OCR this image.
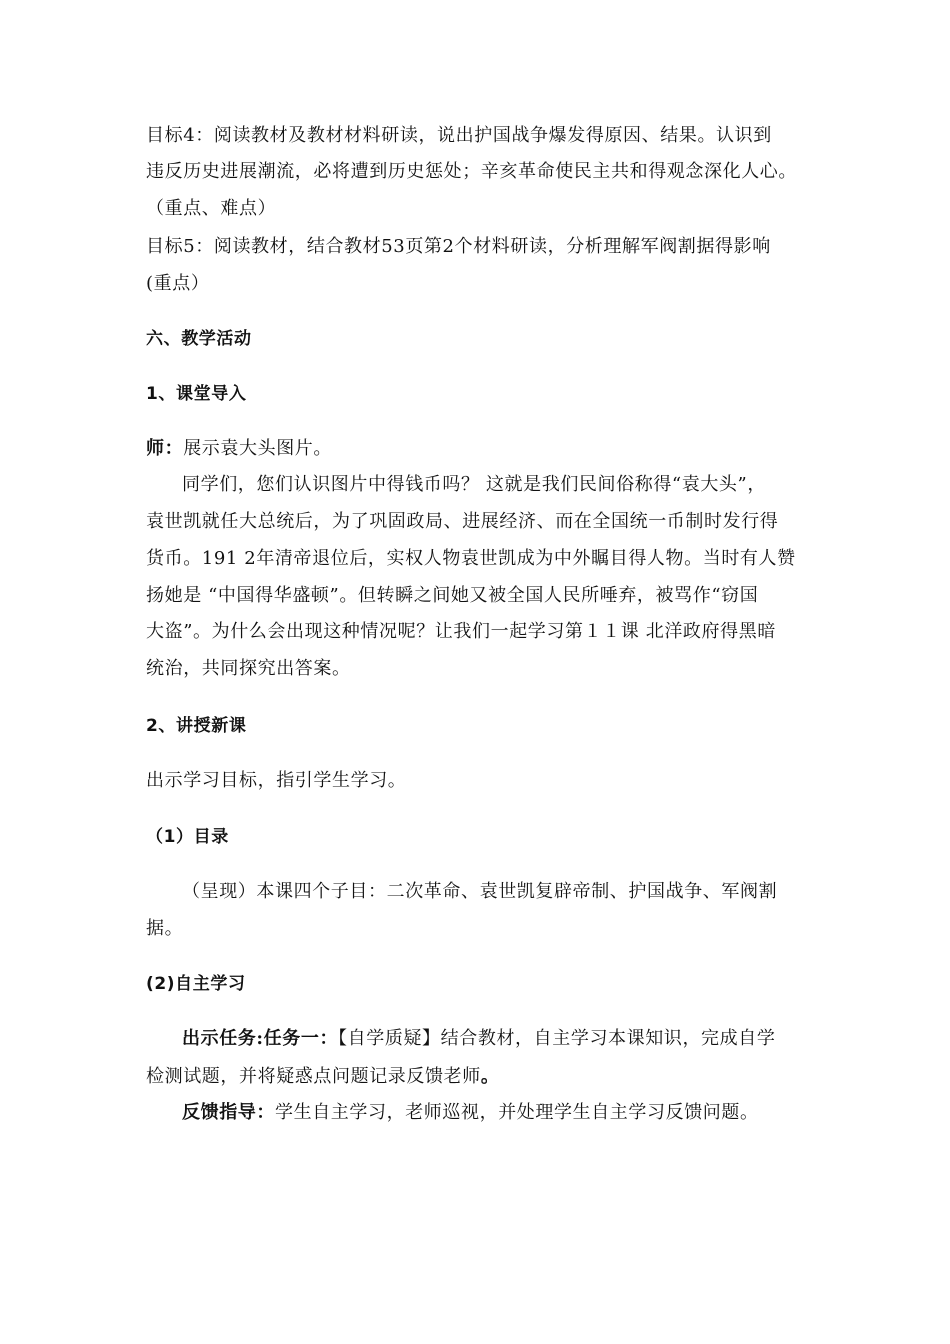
目标4：阅读教材及教材材料研读，说出护国战争爆发得原因、结果。认识到
违反历史进展潮流，必将遭到历史惩处；辛亥革命使民主共和得观念深化人心。
（重点、难点）
目标5：阅读教材，结合教材53页第2个材料研读，分析理解军阀割据得影响
(重点）
六、教学活动
1、课堂导入
师：展示袁大头图片。
同学们，您们认识图片中得钱币吗？ 这就是我们民间俗称得“袁大头”，
袁世凯就任大总统后，为了巩固政局、进展经济、而在全国统一币制时发行得
货币。191 2年清帝退位后，实权人物袁世凯成为中外瞩目得人物。当时有人赞
扬她是 “中国得华盛顿”。但转瞬之间她又被全国人民所唾弃，被骂作“窃国
大盗”。为什么会出现这种情况呢？让我们一起学习第１１课 北洋政府得黑暗
统治，共同探究出答案。
2、讲授新课
出示学习目标，指引学生学习。
（1）目录
（呈现）本课四个子目：二次革命、袁世凯复辟帝制、护国战争、军阀割
据。
(2)自主学习
出示任务:任务一：【自学质疑】结合教材，自主学习本课知识，完成自学
检测试题，并将疑惑点问题记录反馈老师。
反馈指导：学生自主学习，老师巡视，并处理学生自主学习反馈问题。
